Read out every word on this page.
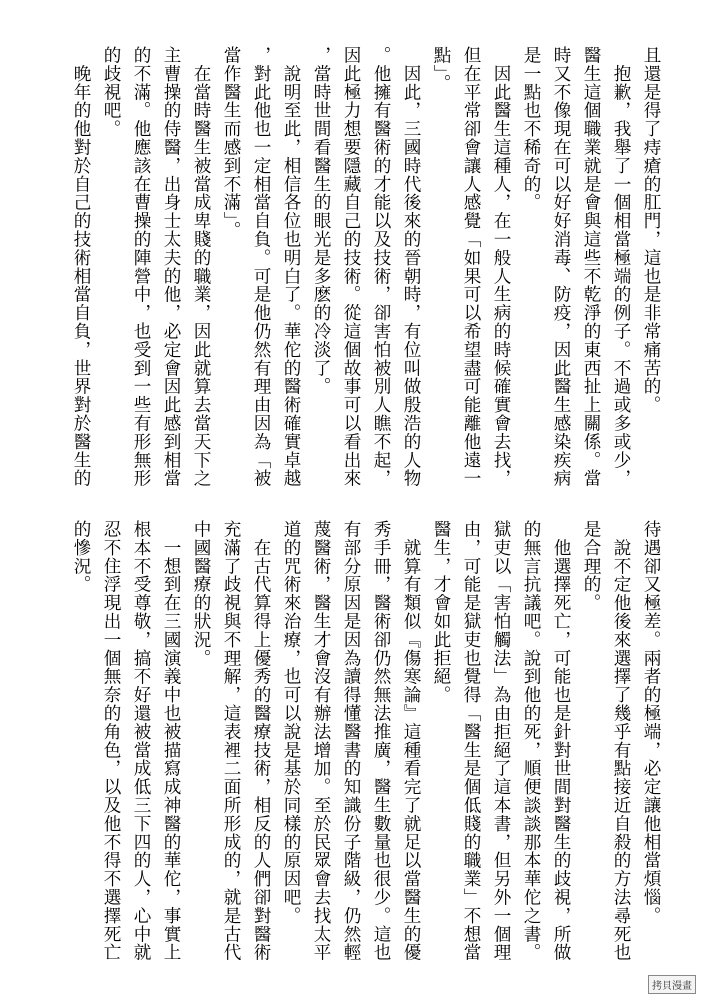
且還是得了痔瘡的肛門，這也是非常痛苦的。
　抱歉，我舉了一個相當極端的例子。不過或多或少，
醫生這個職業就是會與這些不乾淨的東西扯上關係。當
時又不像現在可以好好消毒、防疫，因此醫生感染疾病
是一點也不稀奇的。
　因此醫生這種人，在一般人生病的時候確實會去找，
但在平常卻會讓人感覺「如果可以希望盡可能離他遠一
點」。
　因此，三國時代後來的晉朝時，有位叫做殷浩的人物
。他擁有醫術的才能以及技術，卻害怕被別人瞧不起，
因此極力想要隱藏自己的技術。從這個故事可以看出來
，當時世間看醫生的眼光是多麽的冷淡了。
　說明至此，相信各位也明白了。華佗的醫術確實卓越
，對此他也一定相當自負。可是他仍然有理由因為「被
當作醫生而感到不滿」。
　在當時醫生被當成卑賤的職業，因此就算去當天下之
主曹操的侍醫，出身士太夫的他，必定會因此感到相當
的不滿。他應該在曹操的陣營中，也受到一些有形無形
的歧視吧。
　晚年的他對於自己的技術相當自負，世界對於醫生的
待遇卻又極差。兩者的極端，必定讓他相當煩惱。
　說不定他後來選擇了幾乎有點接近自殺的方法尋死也
是合理的。
　他選擇死亡，可能也是針對世間對醫生的歧視，所做
的無言抗議吧。說到他的死，順便談談那本華佗之書。
獄吏以「害怕觸法」為由拒絕了這本書，但另外一個理
由，可能是獄吏也覺得「醫生是個低賤的職業」不想當
醫生，才會如此拒絕。
　就算有類似『傷寒論』這種看完了就足以當醫生的優
秀手冊，醫術卻仍然無法推廣，醫生數量也很少。這也
有部分原因是因為讀得懂醫書的知識份子階級，仍然輕
蔑醫術，醫生才會沒有辦法增加。至於民眾會去找太平
道的咒術來治療，也可以說是基於同樣的原因吧。
　在古代算得上優秀的醫療技術，相反的人們卻對醫術
充滿了歧視與不理解，這表裡二面所形成的，就是古代
中國醫療的狀況。
　一想到在三國演義中也被描寫成神醫的華佗，事實上
根本不受尊敬，搞不好還被當成低三下四的人，心中就
忍不住浮現出一個無奈的角色，以及他不得不選擇死亡
的慘況。
拷貝漫畫
